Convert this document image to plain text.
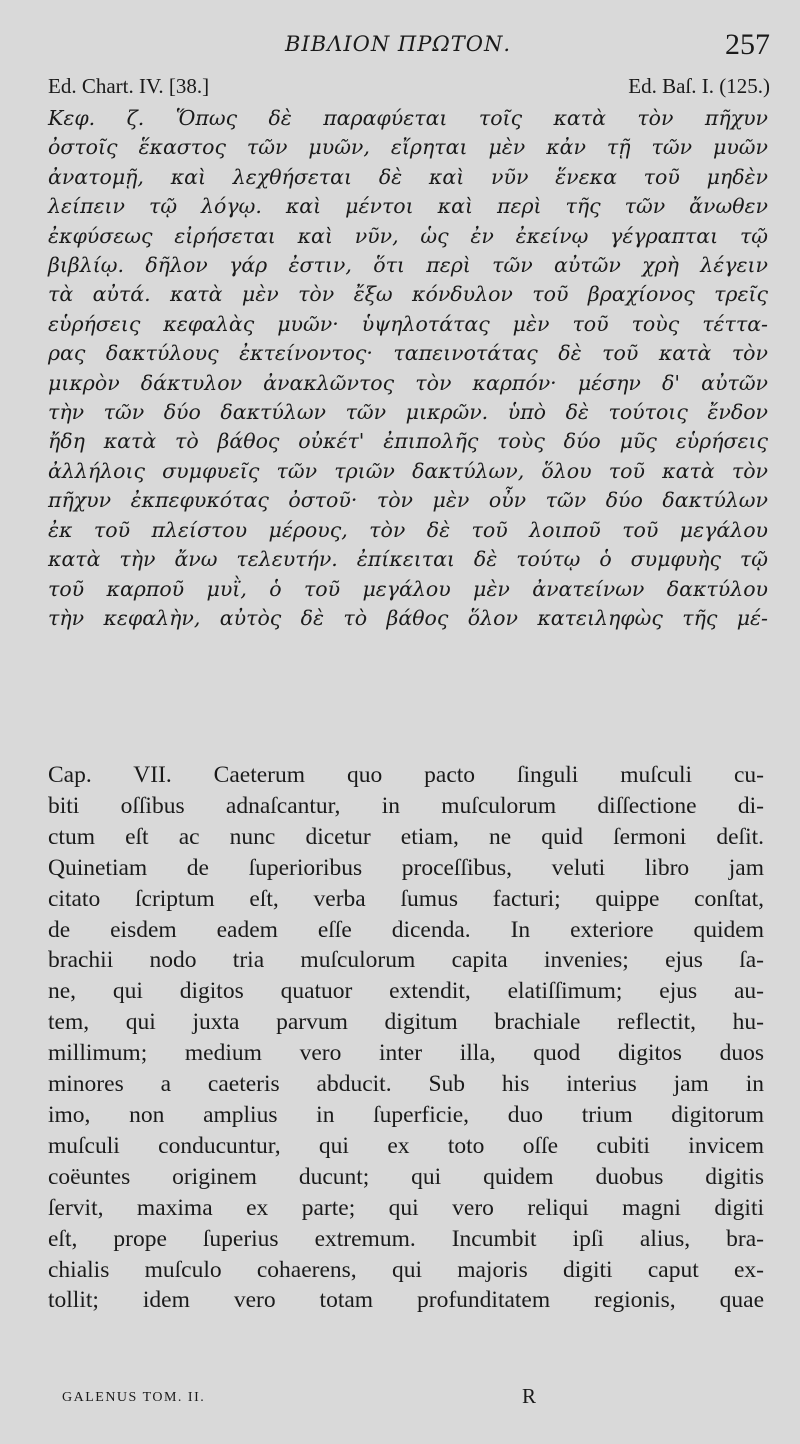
ΒΙΒΛΙΟΝ ΠΡΩΤΟΝ.	257
Ed. Chart. IV. [38.]	Ed. Baſ. I. (125.)
Κεφ. ζ. Ὅπως δὲ παραφύεται τοῖς κατὰ τὸν πῆχυν
ὀστοῖς ἕκαστος τῶν μυῶν, εἴρηται μὲν κἀν τῇ τῶν μυῶν
ἀνατομῇ, καὶ λεχθήσεται δὲ καὶ νῦν ἕνεκα τοῦ μηδὲν
λείπειν τῷ λόγῳ. καὶ μέντοι καὶ περὶ τῆς τῶν ἄνωθεν
ἐκφύσεως εἰρήσεται καὶ νῦν, ὡς ἐν ἐκείνῳ γέγραπται τῷ
βιβλίῳ. δῆλον γάρ ἐστιν, ὅτι περὶ τῶν αὐτῶν χρὴ λέγειν
τὰ αὐτά. κατὰ μὲν τὸν ἔξω κόνδυλον τοῦ βραχίονος τρεῖς
εὑρήσεις κεφαλὰς μυῶν· ὑψηλοτάτας μὲν τοῦ τοὺς τέττα-
ρας δακτύλους ἐκτείνοντος· ταπεινοτάτας δὲ τοῦ κατὰ τὸν
μικρὸν δάκτυλον ἀνακλῶντος τὸν καρπόν· μέσην δ' αὐτῶν
τὴν τῶν δύο δακτύλων τῶν μικρῶν. ὑπὸ δὲ τούτοις ἔνδον
ἤδη κατὰ τὸ βάθος οὐκέτ' ἐπιπολῆς τοὺς δύο μῦς εὑρήσεις
ἀλλήλοις συμφυεῖς τῶν τριῶν δακτύλων, ὅλου τοῦ κατὰ τὸν
πῆχυν ἐκπεφυκότας ὀστοῦ· τὸν μὲν οὖν τῶν δύο δακτύλων
ἐκ τοῦ πλείστου μέρους, τὸν δὲ τοῦ λοιποῦ τοῦ μεγάλου
κατὰ τὴν ἄνω τελευτήν. ἐπίκειται δὲ τούτῳ ὁ συμφυὴς τῷ
τοῦ καρποῦ μυῒ, ὁ τοῦ μεγάλου μὲν ἀνατείνων δακτύλου
τὴν κεφαλὴν, αὐτὸς δὲ τὸ βάθος ὅλον κατειληφὼς τῆς μέ-
Cap. VII. Caeterum quo pacto ſinguli muſculi cu-
biti oſſibus adnaſcantur, in muſculorum diſſectione di-
ctum eſt ac nunc dicetur etiam, ne quid ſermoni deſit.
Quinetiam de ſuperioribus proceſſibus, veluti libro jam
citato ſcriptum eſt, verba ſumus facturi; quippe conſtat,
de eisdem eadem eſſe dicenda. In exteriore quidem
brachii nodo tria muſculorum capita invenies; ejus ſa-
ne, qui digitos quatuor extendit, elatiſſimum; ejus au-
tem, qui juxta parvum digitum brachiale reflectit, hu-
millimum; medium vero inter illa, quod digitos duos
minores a caeteris abducit. Sub his interius jam in
imo, non amplius in ſuperficie, duo trium digitorum
muſculi conducuntur, qui ex toto oſſe cubiti invicem
coëuntes originem ducunt; qui quidem duobus digitis
ſervit, maxima ex parte; qui vero reliqui magni digiti
eſt, prope ſuperius extremum. Incumbit ipſi alius, bra-
chialis muſculo cohaerens, qui majoris digiti caput ex-
tollit; idem vero totam profunditatem regionis, quae
GALENUS TOM. II.	R
